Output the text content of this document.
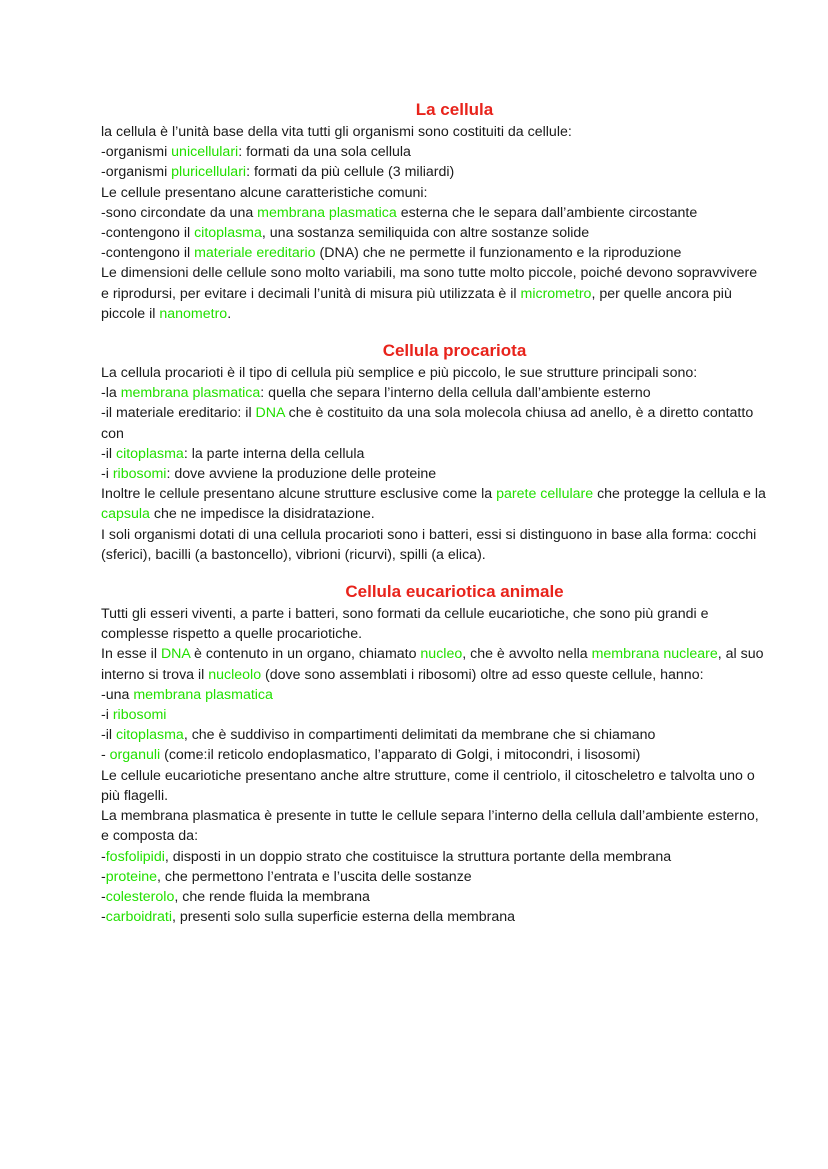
La cellula

la cellula è l’unità base della vita tutti gli organismi sono costituiti da cellule:

-organismi unicellulari: formati da una sola cellula

-organismi pluricellulari: formati da più cellule (3 miliardi)

Le cellule presentano alcune caratteristiche comuni:

-sono circondate da una membrana plasmatica esterna che le separa dall’ambiente circostante

-contengono il citoplasma, una sostanza semiliquida con altre sostanze solide

-contengono il materiale ereditario (DNA) che ne permette il funzionamento e la riproduzione

Le dimensioni delle cellule sono molto variabili, ma sono tutte molto piccole, poiché devono sopravvivere e riprodursi, per evitare i decimali l’unità di misura più utilizzata è il micrometro, per quelle ancora più piccole il nanometro.

Cellula procariota

La cellula procarioti è il tipo di cellula più semplice e più piccolo, le sue strutture principali sono:

-la membrana plasmatica: quella che separa l’interno della cellula dall’ambiente esterno

-il materiale ereditario: il DNA che è costituito da una sola molecola chiusa ad anello, è a diretto contatto con

-il citoplasma: la parte interna della cellula

-i ribosomi: dove avviene la produzione delle proteine

Inoltre le cellule presentano alcune strutture esclusive come la parete cellulare che protegge la cellula e la capsula che ne impedisce la disidratazione.

I soli organismi dotati di una cellula procarioti sono i batteri, essi si distinguono in base alla forma: cocchi (sferici), bacilli (a bastoncello), vibrioni (ricurvi), spilli (a elica).

Cellula eucariotica animale

Tutti gli esseri viventi, a parte i batteri, sono formati da cellule eucariotiche, che sono più grandi e complesse rispetto a quelle procariotiche.

In esse il DNA è contenuto in un organo, chiamato nucleo, che è avvolto nella membrana nucleare, al suo interno si trova il nucleolo (dove sono assemblati i ribosomi) oltre ad esso queste cellule, hanno:

-una membrana plasmatica

-i ribosomi

-il citoplasma, che è suddiviso in compartimenti delimitati da membrane che si chiamano

- organuli (come:il reticolo endoplasmatico, l’apparato di Golgi, i mitocondri, i lisosomi)

Le cellule eucariotiche presentano anche altre strutture, come il centriolo, il citoscheletro e talvolta uno o più flagelli.

La membrana plasmatica è presente in tutte le cellule separa l’interno della cellula dall’ambiente esterno, e composta da:

-fosfolipidi, disposti in un doppio strato che costituisce la struttura portante della membrana

-proteine, che permettono l’entrata e l’uscita delle sostanze

-colesterolo, che rende fluida la membrana

-carboidrati, presenti solo sulla superficie esterna della membrana
